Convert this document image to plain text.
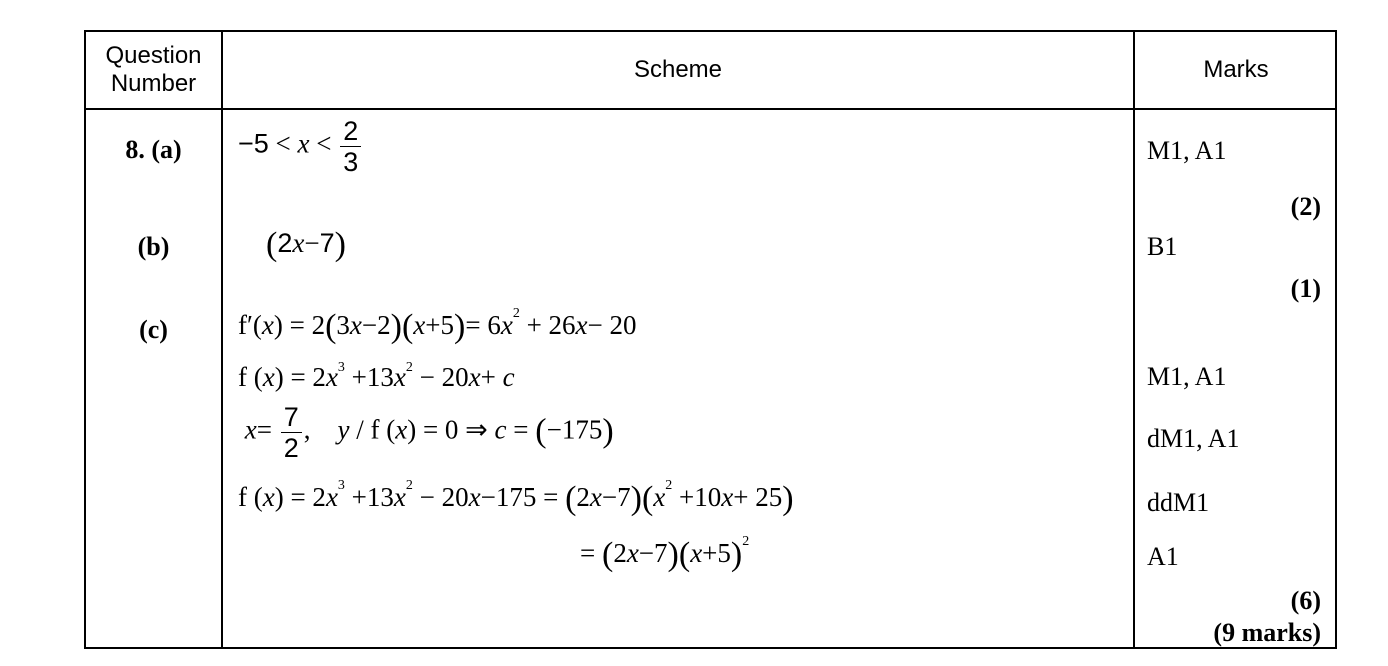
Question
Number
Scheme	Marks
8. (a)
(b)
(c)
$-5 < x < \frac{2}{3}$
(2x−7)
$f'(x) = 2(3x-2)(x+5)= 6x^2 + 26x- 20$
f $(x) = 2x^3 +13x^2 - 20x+ c$
$x= \frac{7}{2}$ ,    y / f (x) = 0 ⇒ c = (−175)
f $(x) = 2x^3 +13x^2 - 20x-175 = (2x-7)(x^2 +10x+ 25)$
= $(2x-7)(x+5)^2$
M1, A1
(2)
B1
(1)
M1, A1
dM1, A1
ddM1
A1
(6)
(9 marks)
